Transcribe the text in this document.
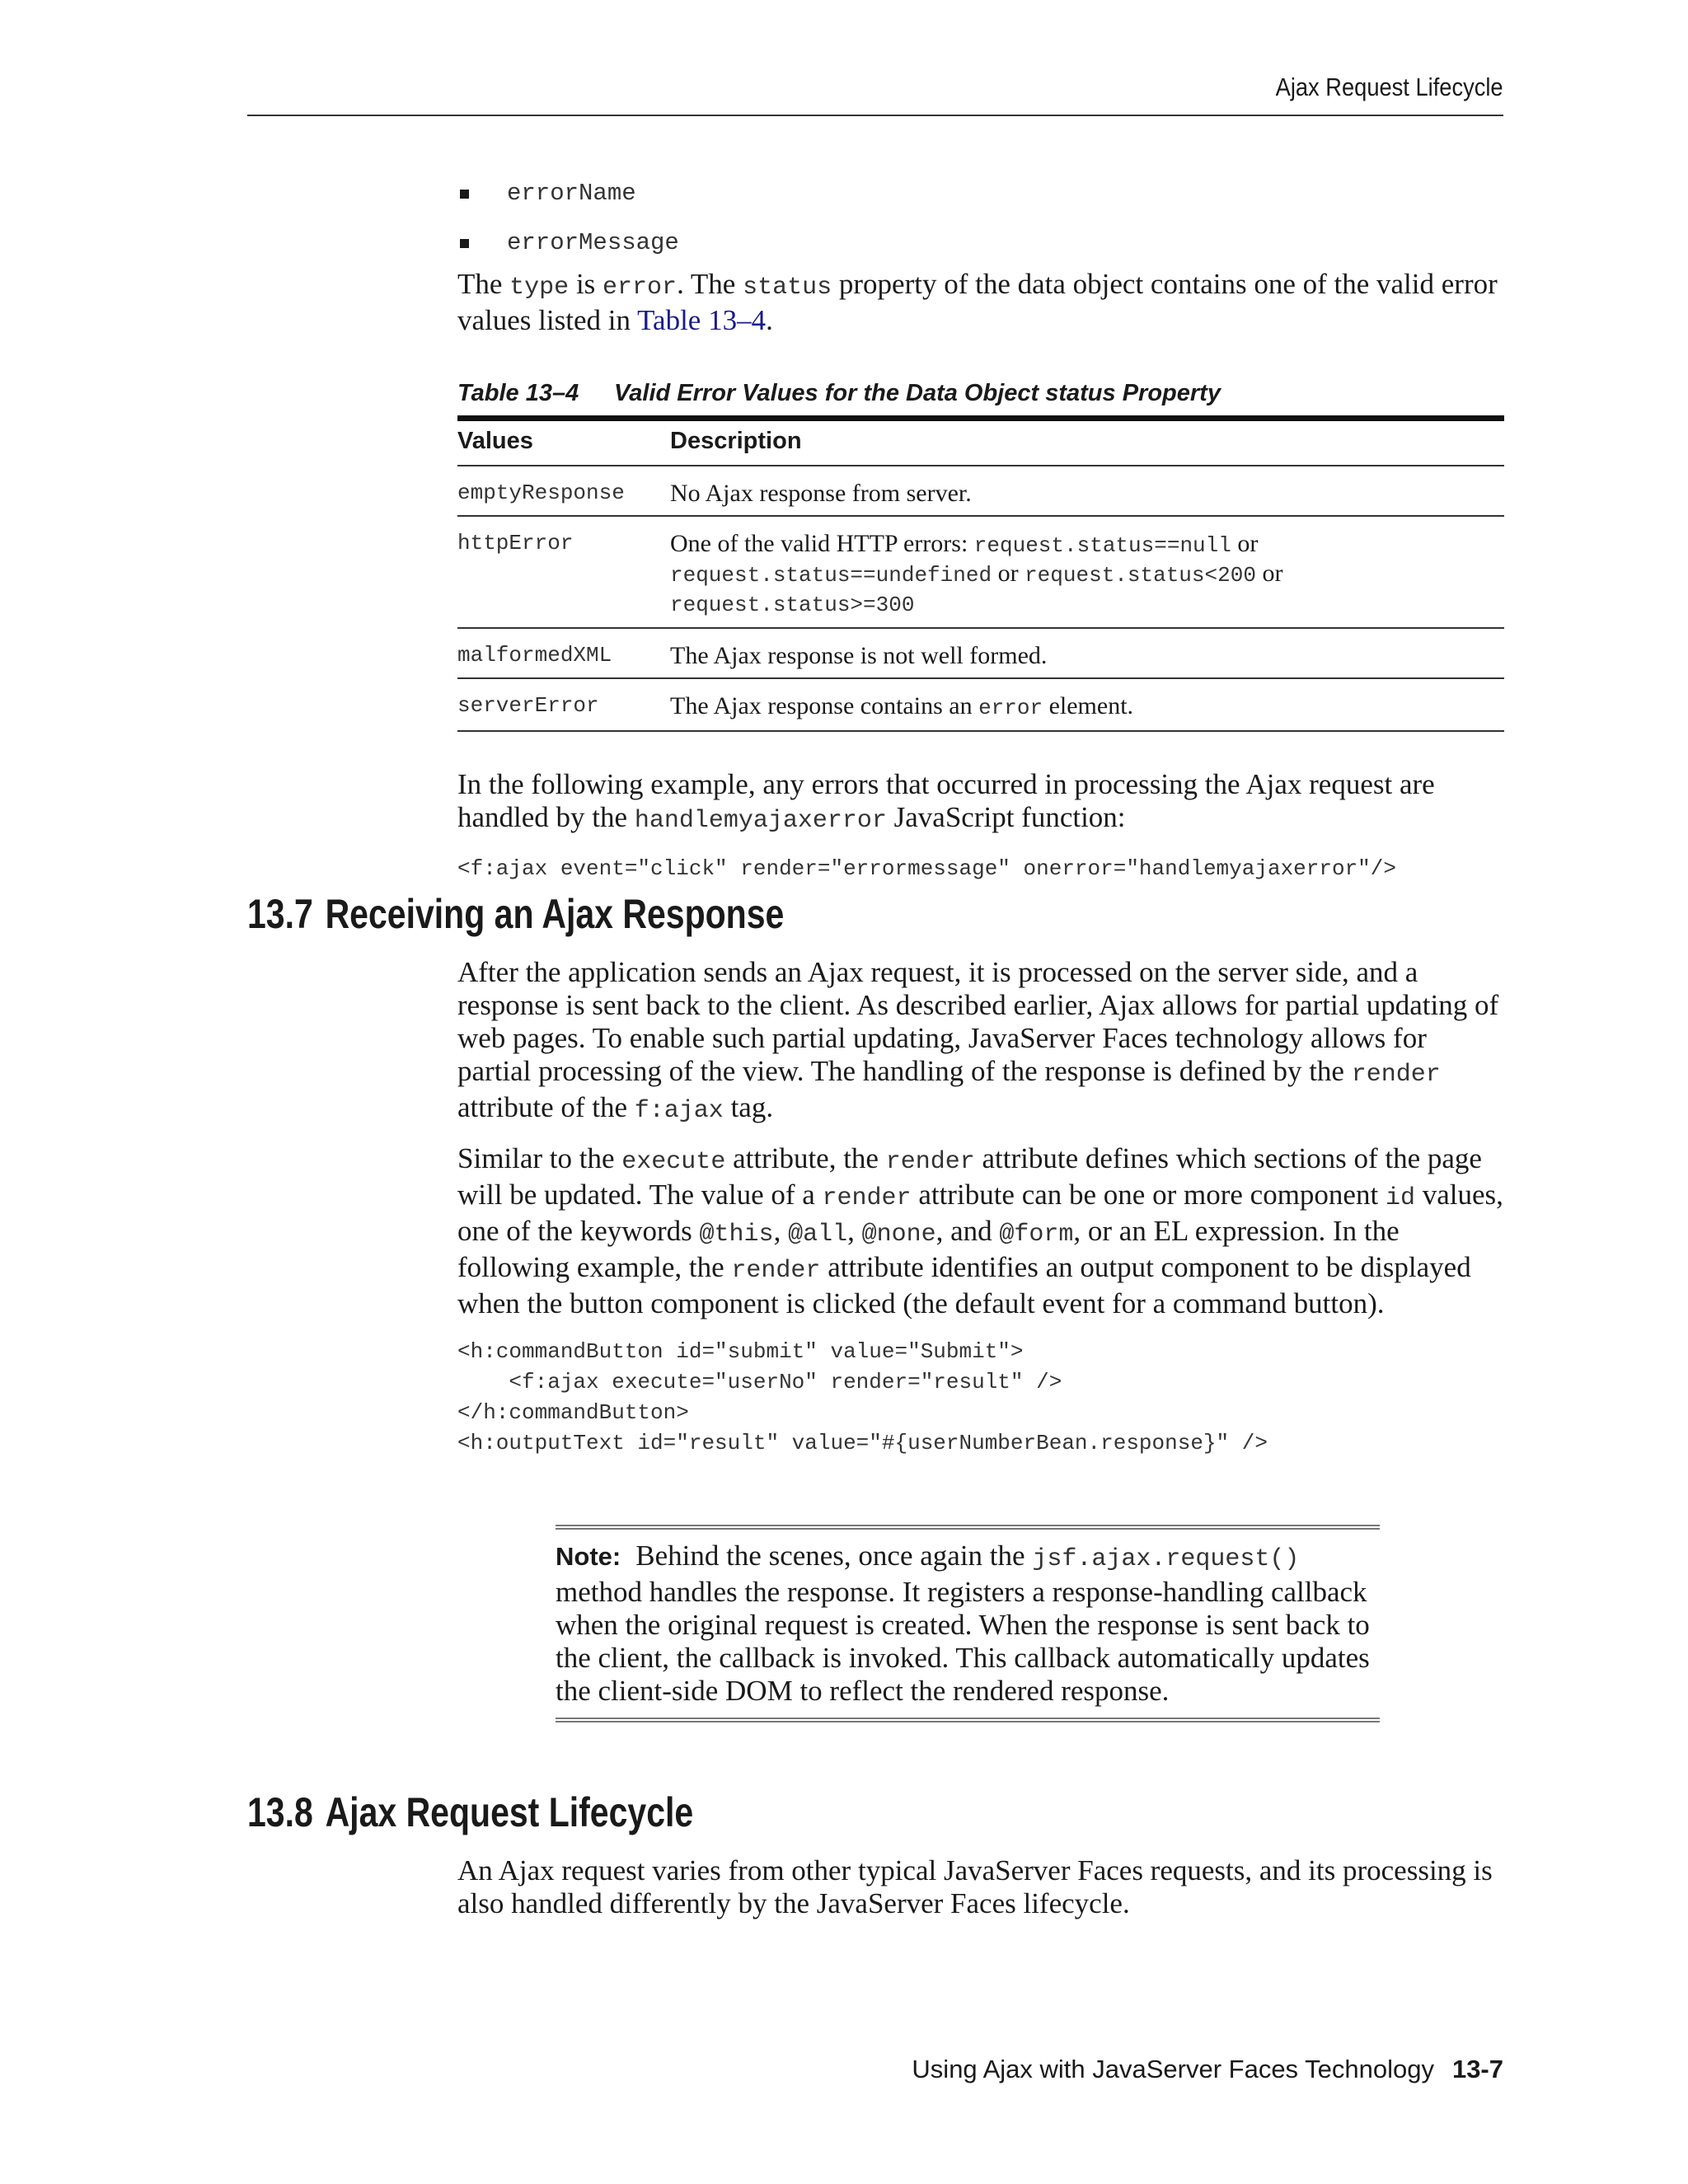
Ajax Request Lifecycle
errorName
errorMessage

The type is error. The status property of the data object contains one of the valid error values listed in Table 13–4.

Table 13–4 Valid Error Values for the Data Object status Property
Values	Description
emptyResponse	No Ajax response from server.
httpError	One of the valid HTTP errors: request.status==null or
request.status==undefined or request.status<200 or
request.status>=300
malformedXML	The Ajax response is not well formed.
serverError	The Ajax response contains an error element.

In the following example, any errors that occurred in processing the Ajax request are handled by the handlemyajaxerror JavaScript function:

<f:ajax event="click" render="errormessage" onerror="handlemyajaxerror"/>
13.7 Receiving an Ajax Response

After the application sends an Ajax request, it is processed on the server side, and a response is sent back to the client. As described earlier, Ajax allows for partial updating of web pages. To enable such partial updating, JavaServer Faces technology allows for partial processing of the view. The handling of the response is defined by the render attribute of the f:ajax tag.

Similar to the execute attribute, the render attribute defines which sections of the page will be updated. The value of a render attribute can be one or more component id values, one of the keywords @this, @all, @none, and @form, or an EL expression. In the following example, the render attribute identifies an output component to be displayed when the button component is clicked (the default event for a command button).

<h:commandButton id="submit" value="Submit">
<f:ajax execute="userNo" render="result" />
</h:commandButton>
<h:outputText id="result" value="#{userNumberBean.response}" />

Note: Behind the scenes, once again the jsf.ajax.request() method handles the response. It registers a response-handling callback when the original request is created. When the response is sent back to the client, the callback is invoked. This callback automatically updates the client-side DOM to reflect the rendered response.

13.8 Ajax Request Lifecycle

An Ajax request varies from other typical JavaServer Faces requests, and its processing is also handled differently by the JavaServer Faces lifecycle.

Using Ajax with JavaServer Faces Technology 13-7
